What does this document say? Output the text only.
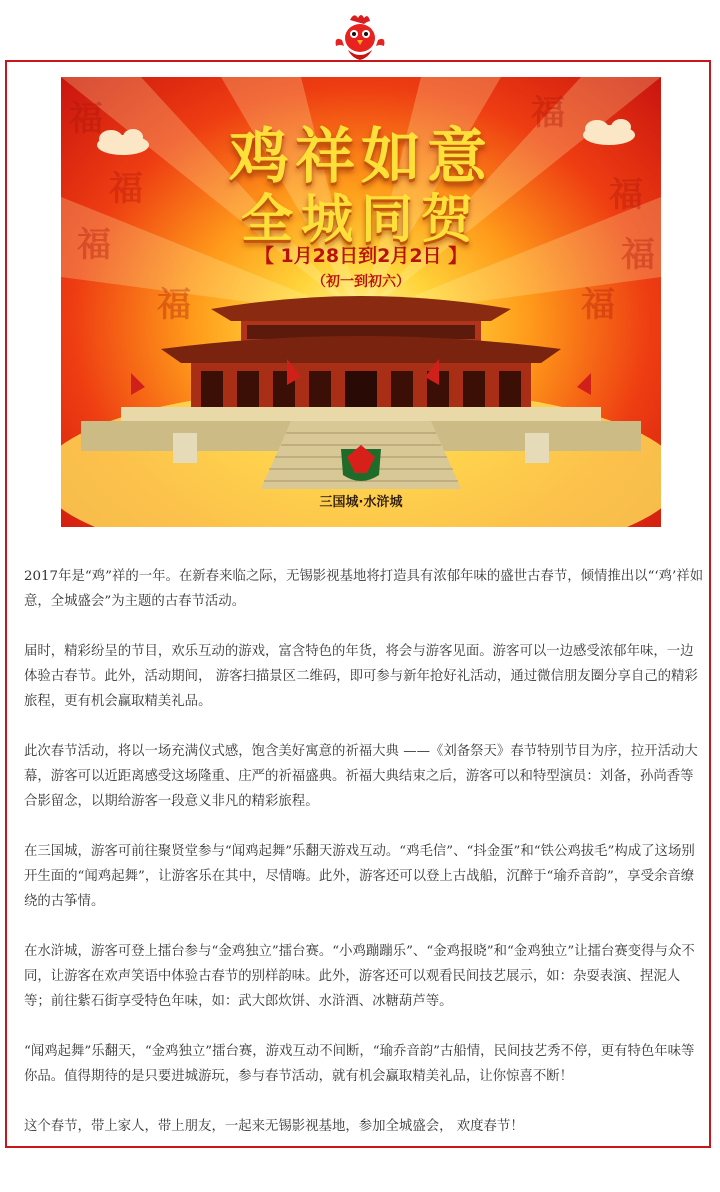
福
福
福
福
福	福
福
福	鸡祥如意
全城同贺
【 1月28日到2月2日 】
（初一到初六）
三国城·水浒城

2017年是“鸡”祥的一年。在新春来临之际，无锡影视基地将打造具有浓郁年味的盛世古春节，倾情推出以“‘鸡’祥如意，全城盛会”为主题的古春节活动。

届时，精彩纷呈的节目，欢乐互动的游戏，富含特色的年货，将会与游客见面。游客可以一边感受浓郁年味，一边体验古春节。此外，活动期间， 游客扫描景区二维码，即可参与新年抢好礼活动，通过微信朋友圈分享自己的精彩旅程，更有机会赢取精美礼品。

此次春节活动，将以一场充满仪式感，饱含美好寓意的祈福大典 ——《刘备祭天》春节特别节目为序，拉开活动大幕，游客可以近距离感受这场隆重、庄严的祈福盛典。祈福大典结束之后，游客可以和特型演员：刘备，孙尚香等合影留念，以期给游客一段意义非凡的精彩旅程。

在三国城，游客可前往聚贤堂参与“闻鸡起舞”乐翻天游戏互动。“鸡毛信”、“抖金蛋”和“铁公鸡拔毛”构成了这场别开生面的“闻鸡起舞”，让游客乐在其中，尽情嗨。此外，游客还可以登上古战船，沉醉于“瑜乔音韵”，享受余音缭绕的古筝情。

在水浒城，游客可登上擂台参与“金鸡独立”擂台赛。“小鸡蹦蹦乐”、“金鸡报晓”和“金鸡独立”让擂台赛变得与众不同，让游客在欢声笑语中体验古春节的别样韵味。此外，游客还可以观看民间技艺展示，如：杂耍表演、捏泥人等；前往紫石街享受特色年味，如：武大郎炊饼、水浒酒、冰糖葫芦等。

“闻鸡起舞”乐翻天，“金鸡独立”擂台赛，游戏互动不间断，“瑜乔音韵”古船情，民间技艺秀不停，更有特色年味等你品。值得期待的是只要进城游玩，参与春节活动，就有机会赢取精美礼品，让你惊喜不断！

这个春节，带上家人，带上朋友，一起来无锡影视基地，参加全城盛会， 欢度春节！
